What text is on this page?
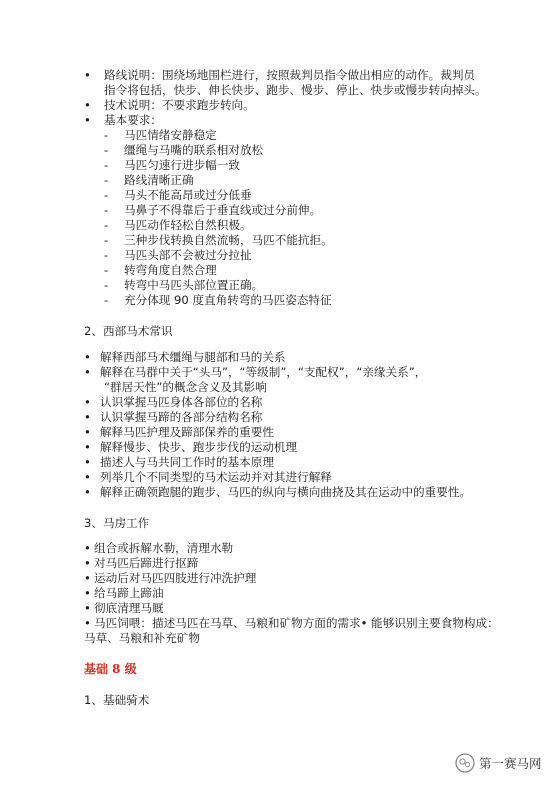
• 路线说明：围绕场地围栏进行，按照裁判员指令做出相应的动作。裁判员
指令将包括，快步、伸长快步、跑步、慢步、停止、快步或慢步转向掉头。
• 技术说明：不要求跑步转向。
• 基本要求：
- 马匹情绪安静稳定
- 缰绳与马嘴的联系相对放松
- 马匹匀速行进步幅一致
- 路线清晰正确
- 马头不能高昂或过分低垂
- 马鼻子不得靠后于垂直线或过分前伸。
- 马匹动作轻松自然积极。
- 三种步伐转换自然流畅，马匹不能抗拒。
- 马匹头部不会被过分拉扯
- 转弯角度自然合理
- 转弯中马匹头部位置正确。
- 充分体现 90 度直角转弯的马匹姿态特征
2、西部马术常识
• 解释西部马术缰绳与腿部和马的关系
• 解释在马群中关于“头马”，“等级制”，“支配权”，“亲缘关系”，
“群居天性”的概念含义及其影响
• 认识掌握马匹身体各部位的名称
• 认识掌握马蹄的各部分结构名称
• 解释马匹护理及蹄部保养的重要性
• 解释慢步、快步、跑步步伐的运动机理
• 描述人与马共同工作时的基本原理
• 列举几个不同类型的马术运动并对其进行解释
• 解释正确领跑腿的跑步、马匹的纵向与横向曲挠及其在运动中的重要性。
3、马房工作
• 组合或拆解水勒，清理水勒
• 对马匹后蹄进行抠蹄
• 运动后对马匹四肢进行冲洗护理
• 给马蹄上蹄油
• 彻底清理马厩
• 马匹饲喂：描述马匹在马草、马粮和矿物方面的需求• 能够识别主要食物构成：
马草、马粮和补充矿物
基础 8 级
1、基础骑术
第一赛马网
